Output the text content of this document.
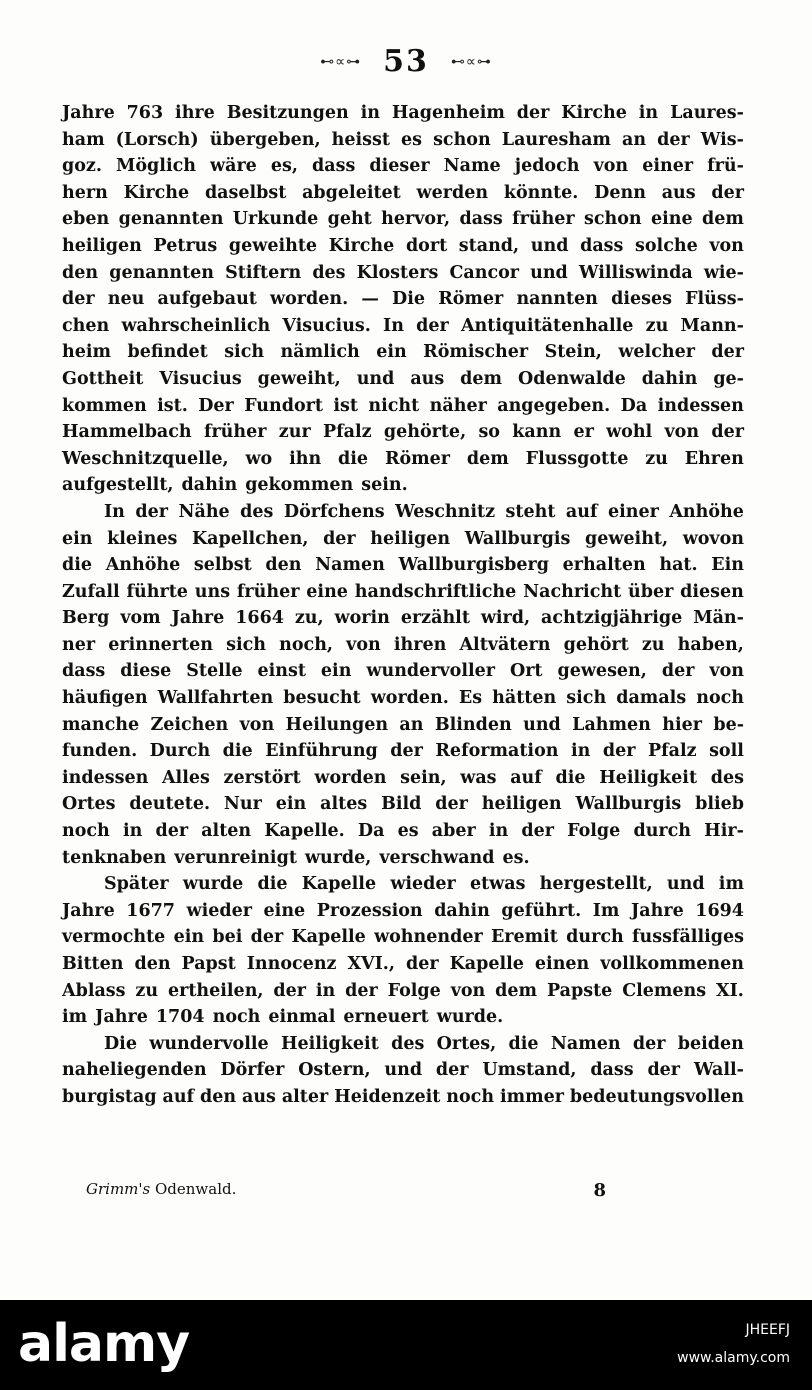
⊷∝⊶ 53 ⊷∝⊶
Jahre 763 ihre Besitzungen in Hagenheim der Kirche in Laures-
ham (Lorsch) übergeben, heisst es schon Lauresham an der Wis-
goz. Möglich wäre es, dass dieser Name jedoch von einer frü-
hern Kirche daselbst abgeleitet werden könnte. Denn aus der
eben genannten Urkunde geht hervor, dass früher schon eine dem
heiligen Petrus geweihte Kirche dort stand, und dass solche von
den genannten Stiftern des Klosters Cancor und Williswinda wie-
der neu aufgebaut worden. — Die Römer nannten dieses Flüss-
chen wahrscheinlich Visucius. In der Antiquitätenhalle zu Mann-
heim befindet sich nämlich ein Römischer Stein, welcher der
Gottheit Visucius geweiht, und aus dem Odenwalde dahin ge-
kommen ist. Der Fundort ist nicht näher angegeben. Da indessen
Hammelbach früher zur Pfalz gehörte, so kann er wohl von der
Weschnitzquelle, wo ihn die Römer dem Flussgotte zu Ehren
aufgestellt, dahin gekommen sein.
In der Nähe des Dörfchens Weschnitz steht auf einer Anhöhe
ein kleines Kapellchen, der heiligen Wallburgis geweiht, wovon
die Anhöhe selbst den Namen Wallburgisberg erhalten hat. Ein
Zufall führte uns früher eine handschriftliche Nachricht über diesen
Berg vom Jahre 1664 zu, worin erzählt wird, achtzigjährige Män-
ner erinnerten sich noch, von ihren Altvätern gehört zu haben,
dass diese Stelle einst ein wundervoller Ort gewesen, der von
häufigen Wallfahrten besucht worden. Es hätten sich damals noch
manche Zeichen von Heilungen an Blinden und Lahmen hier be-
funden. Durch die Einführung der Reformation in der Pfalz soll
indessen Alles zerstört worden sein, was auf die Heiligkeit des
Ortes deutete. Nur ein altes Bild der heiligen Wallburgis blieb
noch in der alten Kapelle. Da es aber in der Folge durch Hir-
tenknaben verunreinigt wurde, verschwand es.
Später wurde die Kapelle wieder etwas hergestellt, und im
Jahre 1677 wieder eine Prozession dahin geführt. Im Jahre 1694
vermochte ein bei der Kapelle wohnender Eremit durch fussfälliges
Bitten den Papst Innocenz XVI., der Kapelle einen vollkommenen
Ablass zu ertheilen, der in der Folge von dem Papste Clemens XI.
im Jahre 1704 noch einmal erneuert wurde.
Die wundervolle Heiligkeit des Ortes, die Namen der beiden
naheliegenden Dörfer Ostern, und der Umstand, dass der Wall-
burgistag auf den aus alter Heidenzeit noch immer bedeutungsvollen
Grimm's Odenwald.	8
alamy	JHEEFJ
www.alamy.com
